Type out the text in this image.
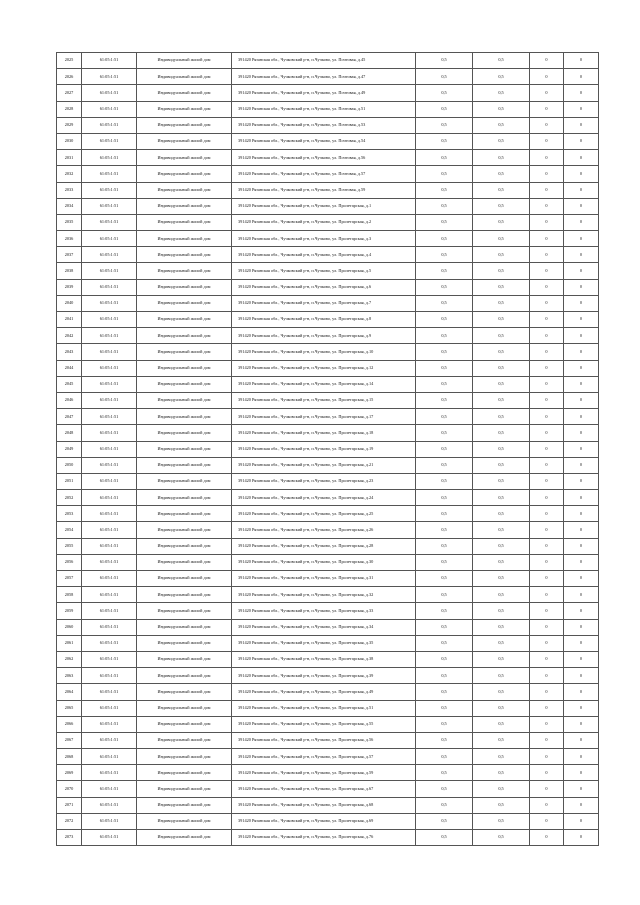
2025	61:05:1:51	Индивидуальный жилой дом	391420 Рязанская обл., Чучковский р-н, п.Чучково, ул. Почтовая, д.45	0,5	0,5	0	0
2026	61:05:1:51	Индивидуальный жилой дом	391420 Рязанская обл., Чучковский р-н, п.Чучково, ул. Почтовая, д.47	0,5	0,5	0	0
2027	61:05:1:51	Индивидуальный жилой дом	391420 Рязанская обл., Чучковский р-н, п.Чучково, ул. Почтовая, д.49	0,5	0,5	0	0
2028	61:05:1:51	Индивидуальный жилой дом	391420 Рязанская обл., Чучковский р-н, п.Чучково, ул. Почтовая, д.51	0,5	0,5	0	0
2029	61:05:1:51	Индивидуальный жилой дом	391420 Рязанская обл., Чучковский р-н, п.Чучково, ул. Почтовая, д.53	0,5	0,5	0	0
2030	61:05:1:51	Индивидуальный жилой дом	391420 Рязанская обл., Чучковский р-н, п.Чучково, ул. Почтовая, д.54	0,5	0,5	0	0
2031	61:05:1:51	Индивидуальный жилой дом	391420 Рязанская обл., Чучковский р-н, п.Чучково, ул. Почтовая, д.56	0,5	0,5	0	0
2032	61:05:1:51	Индивидуальный жилой дом	391420 Рязанская обл., Чучковский р-н, п.Чучково, ул. Почтовая, д.57	0,5	0,5	0	0
2033	61:05:1:51	Индивидуальный жилой дом	391420 Рязанская обл., Чучковский р-н, п.Чучково, ул. Почтовая, д.59	0,5	0,5	0	0
2034	61:05:1:51	Индивидуальный жилой дом	391420 Рязанская обл., Чучковский р-н, п.Чучково, ул. Пролетарская, д.1	0,5	0,5	0	0
2035	61:05:1:51	Индивидуальный жилой дом	391420 Рязанская обл., Чучковский р-н, п.Чучково, ул. Пролетарская, д.2	0,5	0,5	0	0
2036	61:05:1:51	Индивидуальный жилой дом	391420 Рязанская обл., Чучковский р-н, п.Чучково, ул. Пролетарская, д.3	0,5	0,5	0	0
2037	61:05:1:51	Индивидуальный жилой дом	391420 Рязанская обл., Чучковский р-н, п.Чучково, ул. Пролетарская, д.4	0,5	0,5	0	0
2038	61:05:1:51	Индивидуальный жилой дом	391420 Рязанская обл., Чучковский р-н, п.Чучково, ул. Пролетарская, д.5	0,5	0,5	0	0
2039	61:05:1:51	Индивидуальный жилой дом	391420 Рязанская обл., Чучковский р-н, п.Чучково, ул. Пролетарская, д.6	0,5	0,5	0	0
2040	61:05:1:51	Индивидуальный жилой дом	391420 Рязанская обл., Чучковский р-н, п.Чучково, ул. Пролетарская, д.7	0,5	0,5	0	0
2041	61:05:1:51	Индивидуальный жилой дом	391420 Рязанская обл., Чучковский р-н, п.Чучково, ул. Пролетарская, д.8	0,5	0,5	0	0
2042	61:05:1:51	Индивидуальный жилой дом	391420 Рязанская обл., Чучковский р-н, п.Чучково, ул. Пролетарская, д.9	0,5	0,5	0	0
2043	61:05:1:51	Индивидуальный жилой дом	391420 Рязанская обл., Чучковский р-н, п.Чучково, ул. Пролетарская, д.10	0,5	0,5	0	0
2044	61:05:1:51	Индивидуальный жилой дом	391420 Рязанская обл., Чучковский р-н, п.Чучково, ул. Пролетарская, д.12	0,5	0,5	0	0
2045	61:05:1:51	Индивидуальный жилой дом	391420 Рязанская обл., Чучковский р-н, п.Чучково, ул. Пролетарская, д.14	0,5	0,5	0	0
2046	61:05:1:51	Индивидуальный жилой дом	391420 Рязанская обл., Чучковский р-н, п.Чучково, ул. Пролетарская, д.15	0,5	0,5	0	0
2047	61:05:1:51	Индивидуальный жилой дом	391420 Рязанская обл., Чучковский р-н, п.Чучково, ул. Пролетарская, д.17	0,5	0,5	0	0
2048	61:05:1:51	Индивидуальный жилой дом	391420 Рязанская обл., Чучковский р-н, п.Чучково, ул. Пролетарская, д.18	0,5	0,5	0	0
2049	61:05:1:51	Индивидуальный жилой дом	391420 Рязанская обл., Чучковский р-н, п.Чучково, ул. Пролетарская, д.19	0,5	0,5	0	0
2050	61:05:1:51	Индивидуальный жилой дом	391420 Рязанская обл., Чучковский р-н, п.Чучково, ул. Пролетарская, д.21	0,5	0,5	0	0
2051	61:05:1:51	Индивидуальный жилой дом	391420 Рязанская обл., Чучковский р-н, п.Чучково, ул. Пролетарская, д.23	0,5	0,5	0	0
2052	61:05:1:51	Индивидуальный жилой дом	391420 Рязанская обл., Чучковский р-н, п.Чучково, ул. Пролетарская, д.24	0,5	0,5	0	0
2053	61:05:1:51	Индивидуальный жилой дом	391420 Рязанская обл., Чучковский р-н, п.Чучково, ул. Пролетарская, д.25	0,5	0,5	0	0
2054	61:05:1:51	Индивидуальный жилой дом	391420 Рязанская обл., Чучковский р-н, п.Чучково, ул. Пролетарская, д.26	0,5	0,5	0	0
2055	61:05:1:51	Индивидуальный жилой дом	391420 Рязанская обл., Чучковский р-н, п.Чучково, ул. Пролетарская, д.28	0,5	0,5	0	0
2056	61:05:1:51	Индивидуальный жилой дом	391420 Рязанская обл., Чучковский р-н, п.Чучково, ул. Пролетарская, д.30	0,5	0,5	0	0
2057	61:05:1:51	Индивидуальный жилой дом	391420 Рязанская обл., Чучковский р-н, п.Чучково, ул. Пролетарская, д.31	0,5	0,5	0	0
2058	61:05:1:51	Индивидуальный жилой дом	391420 Рязанская обл., Чучковский р-н, п.Чучково, ул. Пролетарская, д.32	0,5	0,5	0	0
2059	61:05:1:51	Индивидуальный жилой дом	391420 Рязанская обл., Чучковский р-н, п.Чучково, ул. Пролетарская, д.33	0,5	0,5	0	0
2060	61:05:1:51	Индивидуальный жилой дом	391420 Рязанская обл., Чучковский р-н, п.Чучково, ул. Пролетарская, д.34	0,5	0,5	0	0
2061	61:05:1:51	Индивидуальный жилой дом	391420 Рязанская обл., Чучковский р-н, п.Чучково, ул. Пролетарская, д.35	0,5	0,5	0	0
2062	61:05:1:51	Индивидуальный жилой дом	391420 Рязанская обл., Чучковский р-н, п.Чучково, ул. Пролетарская, д.38	0,5	0,5	0	0
2063	61:05:1:51	Индивидуальный жилой дом	391420 Рязанская обл., Чучковский р-н, п.Чучково, ул. Пролетарская, д.39	0,5	0,5	0	0
2064	61:05:1:51	Индивидуальный жилой дом	391420 Рязанская обл., Чучковский р-н, п.Чучково, ул. Пролетарская, д.49	0,5	0,5	0	0
2065	61:05:1:51	Индивидуальный жилой дом	391420 Рязанская обл., Чучковский р-н, п.Чучково, ул. Пролетарская, д.51	0,5	0,5	0	0
2066	61:05:1:51	Индивидуальный жилой дом	391420 Рязанская обл., Чучковский р-н, п.Чучково, ул. Пролетарская, д.55	0,5	0,5	0	0
2067	61:05:1:51	Индивидуальный жилой дом	391420 Рязанская обл., Чучковский р-н, п.Чучково, ул. Пролетарская, д.56	0,5	0,5	0	0
2068	61:05:1:51	Индивидуальный жилой дом	391420 Рязанская обл., Чучковский р-н, п.Чучково, ул. Пролетарская, д.57	0,5	0,5	0	0
2069	61:05:1:51	Индивидуальный жилой дом	391420 Рязанская обл., Чучковский р-н, п.Чучково, ул. Пролетарская, д.59	0,5	0,5	0	0
2070	61:05:1:51	Индивидуальный жилой дом	391420 Рязанская обл., Чучковский р-н, п.Чучково, ул. Пролетарская, д.67	0,5	0,5	0	0
2071	61:05:1:51	Индивидуальный жилой дом	391420 Рязанская обл., Чучковский р-н, п.Чучково, ул. Пролетарская, д.68	0,5	0,5	0	0
2072	61:05:1:51	Индивидуальный жилой дом	391420 Рязанская обл., Чучковский р-н, п.Чучково, ул. Пролетарская, д.69	0,5	0,5	0	0
2073	61:05:1:51	Индивидуальный жилой дом	391420 Рязанская обл., Чучковский р-н, п.Чучково, ул. Пролетарская, д.76	0,5	0,5	0	0
